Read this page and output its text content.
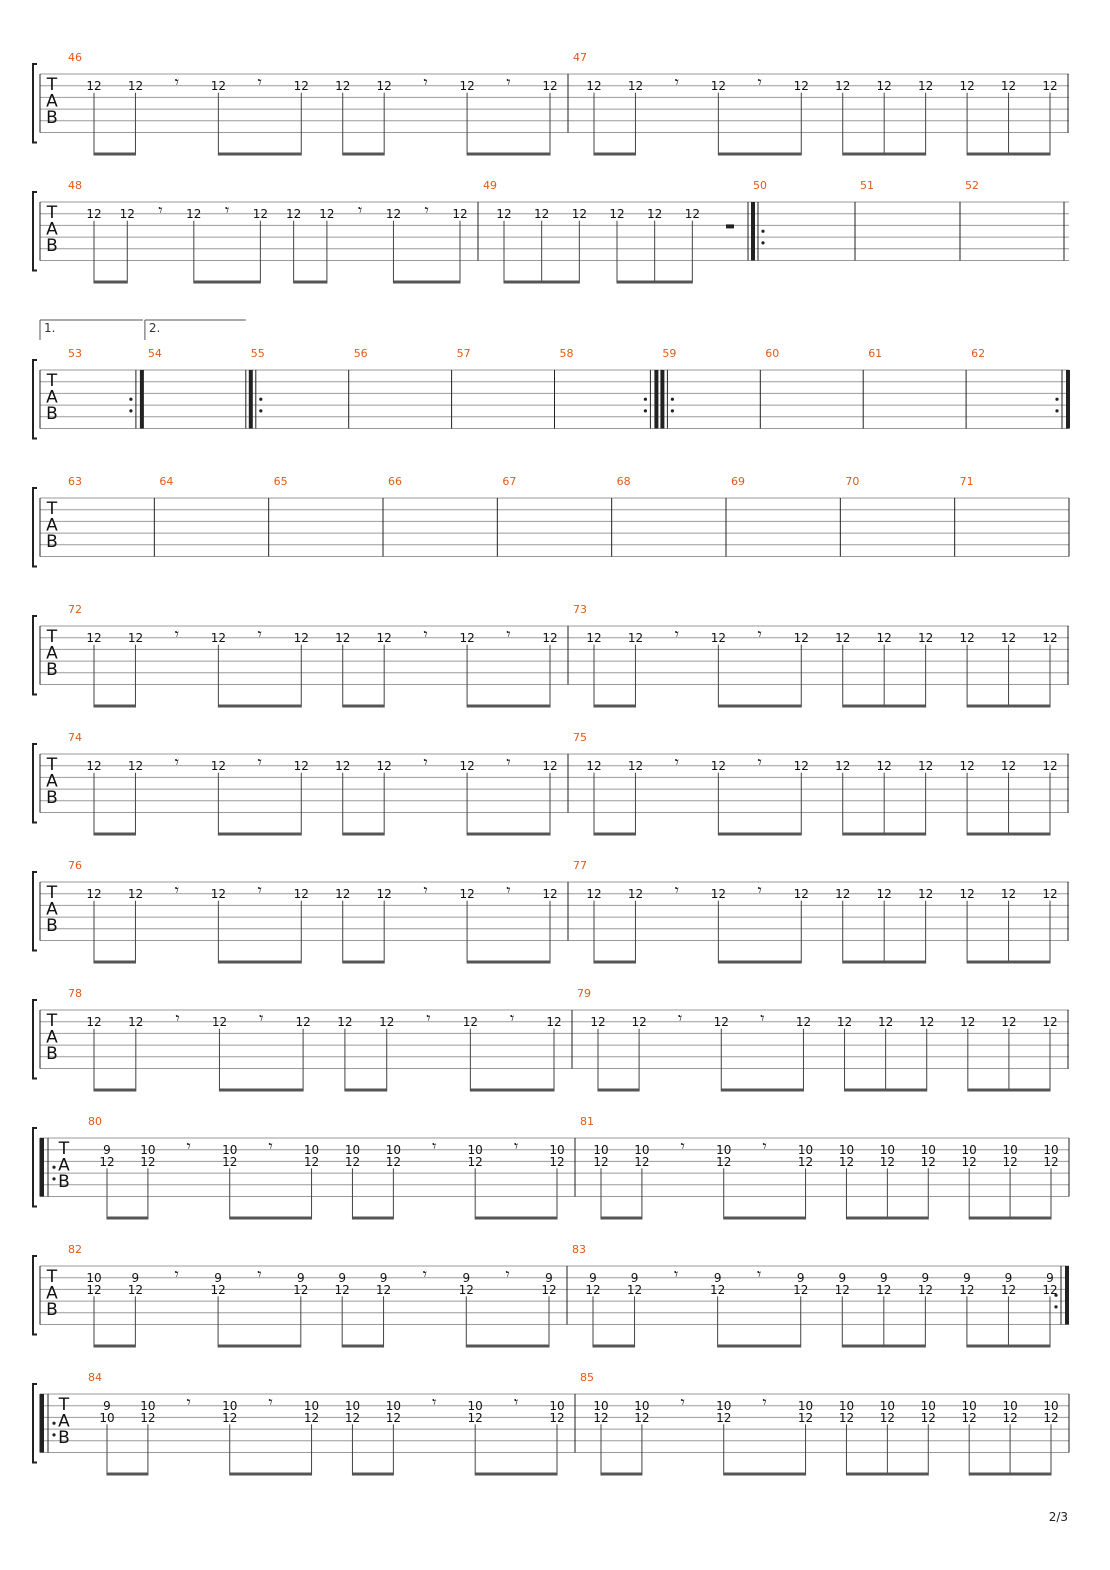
T
A
B
46
12 12 𝄾	12 𝄾	12 12 12 𝄾	12 𝄾	12
47
12 12 𝄾	12 𝄾	12 12 12 12 12 12 12
T
A
B
48
12 12 𝄾 12 𝄾 12 12 12 𝄾 12 𝄾 12
49
12 12 12 12 12 12
50	51	52
T
A
B
53	54	55	56	57	58	59	60	61	62
1.	2.
T
A
B
63	64	65	66	67	68	69	70	71
T
A
B
72
12 12 𝄾	12 𝄾	12 12 12 𝄾	12 𝄾	12
73
12 12 𝄾	12 𝄾	12 12 12 12 12 12 12
T
A
B
74
12 12 𝄾	12 𝄾	12 12 12 𝄾	12 𝄾	12
75
12 12 𝄾	12 𝄾	12 12 12 12 12 12 12
T
A
B
76
12 12 𝄾	12 𝄾	12 12 12 𝄾	12 𝄾	12
77
12 12 𝄾	12 𝄾	12 12 12 12 12 12 12
T
A
B
78
12 12 𝄾	12 𝄾	12 12 12 𝄾	12 𝄾	12
79
12 12 𝄾	12 𝄾	12 12 12 12 12 12 12
T
A
B
80
9
12
10
12
𝄾	10
12
𝄾	10
12
10
12
10
12
𝄾	10
12
𝄾	10
12
81
10
12
10
12
𝄾	10
12
𝄾	10
12
10
12
10
12
10
12
10
12
10
12
10
12
T
A
B
82
10
12
9
12
𝄾	9
12
𝄾	9
12
9
12
9
12
𝄾	9
12
𝄾	9
12
83
9
12
9
12
𝄾	9
12
𝄾	9
12
9
12
9
12
9
12
9
12
9
12
9
12
T
A
B
84
9
10
10
12
𝄾	10
12
𝄾	10
12
10
12
10
12
𝄾	10
12
𝄾	10
12
85
10
12
10
12
𝄾	10
12
𝄾	10
12
10
12
10
12
10
12
10
12
10
12
10
12
2/3
